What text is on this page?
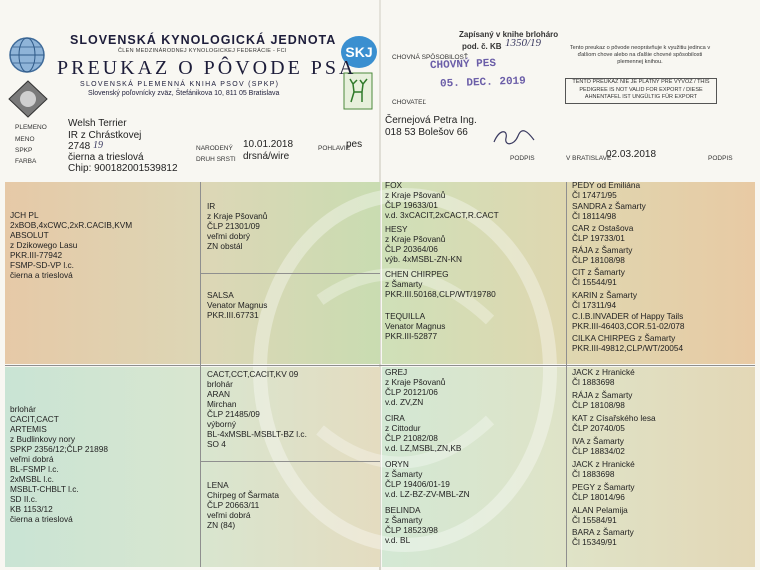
SKJ
SLOVENSKÁ KYNOLOGICKÁ JEDNOTA
ČLEN MEDZINÁRODNEJ KYNOLOGICKEJ FEDERÁCIE - FCI
PREUKAZ O PÔVODE PSA
SLOVENSKÁ PLEMENNÁ KNIHA PSOV (SPKP)
Slovenský poľovnícky zväz, Štefánikova 10, 811 05 Bratislava
Zapísaný v knihe brloháro
pod. č. KB 1350/19
CHOVNÁ SPÔSOBILOSŤ
CHOVNÝ PES
05. DEC. 2019
CHOVATEĽ
Tento preukaz o pôvode neoprávňuje k využitiu jedinca v ďalšom chove alebo na ďalšie chovné spôsobilosti plemennej knihou.
TENTO PREUKAZ NIE JE PLATNÝ PRE VÝVOZ / THIS PEDIGREE IS NOT VALID FOR EXPORT / DIESE AHNENTAFEL IST UNGÜLTIG FÜR EXPORT
PLEMENO
MENO
SPKP
FARBA
Welsh Terrier
IR z Chrástkovej
2748 19
čierna a trieslová
Chip: 900182001539812
NARODENÝ
DRUH SRSTI
10.01.2018
drsná/wire
POHLAVIE
pes
Černejová Petra Ing.
018 53 Bolešov 66
PODPIS	V BRATISLAVE
02.03.2018	PODPIS
JCH PL
2xBOB,4xCWC,2xR.CACIB,KVM
ABSOLUT
z Dzikowego Lasu
PKR.III-77942
FSMP-SD-VP l.c.
čierna a trieslová
brlohár
CACIT,CACT
ARTEMIS
z Budlinkovy nory
SPKP 2356/12;ČLP 21898
veľmi dobrá
BL-FSMP l.c.
2xMSBL l.c.
MSBLT-CHBLT l.c.
SD II.c.
KB 1153/12
čierna a trieslová
IR
z Kraje Pšovanů
ČLP 21301/09
veľmi dobrý
ZN obstál
SALSA
Venator Magnus
PKR.III.67731
CACT,CCT,CACIT,KV 09
brlohár
ARAN
Mirchan
ČLP 21485/09
výborný
BL-4xMSBL-MSBLT-BZ l.c.
SO 4
LENA
Chirpeg of Šarmata
ČLP 20663/11
veľmi dobrá
ZN (84)
FOX
z Kraje Pšovanů
ČLP 19633/01
v.d. 3xCACIT,2xCACT,R.CACT
HESY
z Kraje Pšovanů
ČLP 20364/06
výb. 4xMSBL-ZN-KN
CHEN CHIRPEG
z Šamarty
PKR.III.50168,CLP/WT/19780
TEQUILLA
Venator Magnus
PKR.III-52877
GREJ
z Kraje Pšovanů
ČLP 20121/06
v.d. ZV,ZN
CIRA
z Cittodur
ČLP 21082/08
v.d. LZ,MSBL,ZN,KB
ORYN
z Šamarty
ČLP 19406/01-19
v.d. LZ-BZ-ZV-MBL-ZN
BELINDA
z Šamarty
ČLP 18523/98
v.d. BL
PEDY od Emiliána
Čl 17471/95
SANDRA z Šamarty
Čl 18114/98
CAR z Ostašova
ČLP 19733/01
RÁJA z Šamarty
ČLP 18108/98
CIT z Šamarty
Čl 15544/91
KARIN z Šamarty
Čl 17311/94
C.I.B.INVADER of Happy Tails
PKR.III-46403,COR.51-02/078
CILKA CHIRPEG z Šamarty
PKR.III-49812,CLP/WT/20054
JACK z Hranické
Čl 1883698
RÁJA z Šamarty
ČLP 18108/98
KAT z Císařského lesa
ČLP 20740/05
IVA z Šamarty
ČLP 18834/02
JACK z Hranické
Čl 1883698
PEGY z Šamarty
ČLP 18014/96
ALAN Pelamija
Čl 15584/91
BARA z Šamarty
Čl 15349/91
